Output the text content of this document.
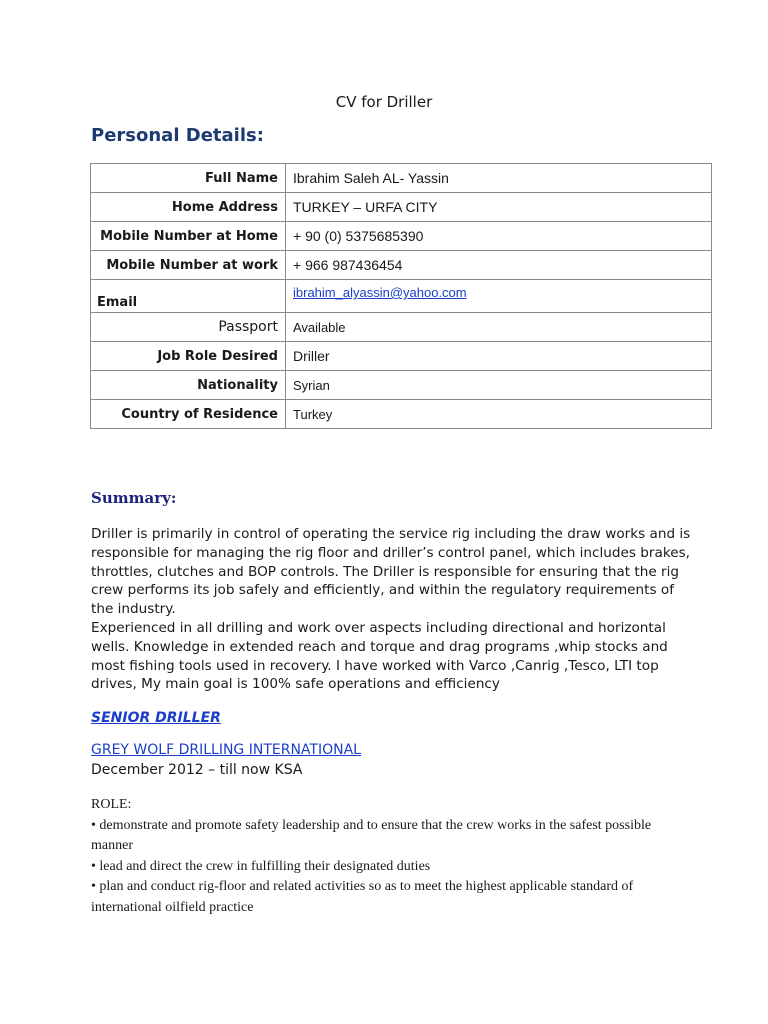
CV for Driller
Personal Details:
Full Name	Ibrahim Saleh AL- Yassin
Home Address	TURKEY – URFA CITY
Mobile Number at Home	+ 90 (0) 5375685390
Mobile Number at work	+ 966 987436454
Email	ibrahim_alyassin@yahoo.com
Passport	Available
Job Role Desired	Driller
Nationality	Syrian
Country of Residence	Turkey
Summary:

Driller is primarily in control of operating the service rig including the draw works and is responsible for managing the rig floor and driller’s control panel, which includes brakes, throttles, clutches and BOP controls. The Driller is responsible for ensuring that the rig crew performs its job safely and efficiently, and within the regulatory requirements of the industry.

Experienced in all drilling and work over aspects including directional and horizontal wells. Knowledge in extended reach and torque and drag programs ,whip stocks and most fishing tools used in recovery. I have worked with Varco ,Canrig ,Tesco, LTI top drives, My main goal is 100% safe operations and efficiency

SENIOR DRILLER
GREY WOLF DRILLING INTERNATIONAL
December 2012 – till now KSA

ROLE:

• demonstrate and promote safety leadership and to ensure that the crew works in the safest possible manner

• lead and direct the crew in fulfilling their designated duties

• plan and conduct rig-floor and related activities so as to meet the highest applicable standard of international oilfield practice
